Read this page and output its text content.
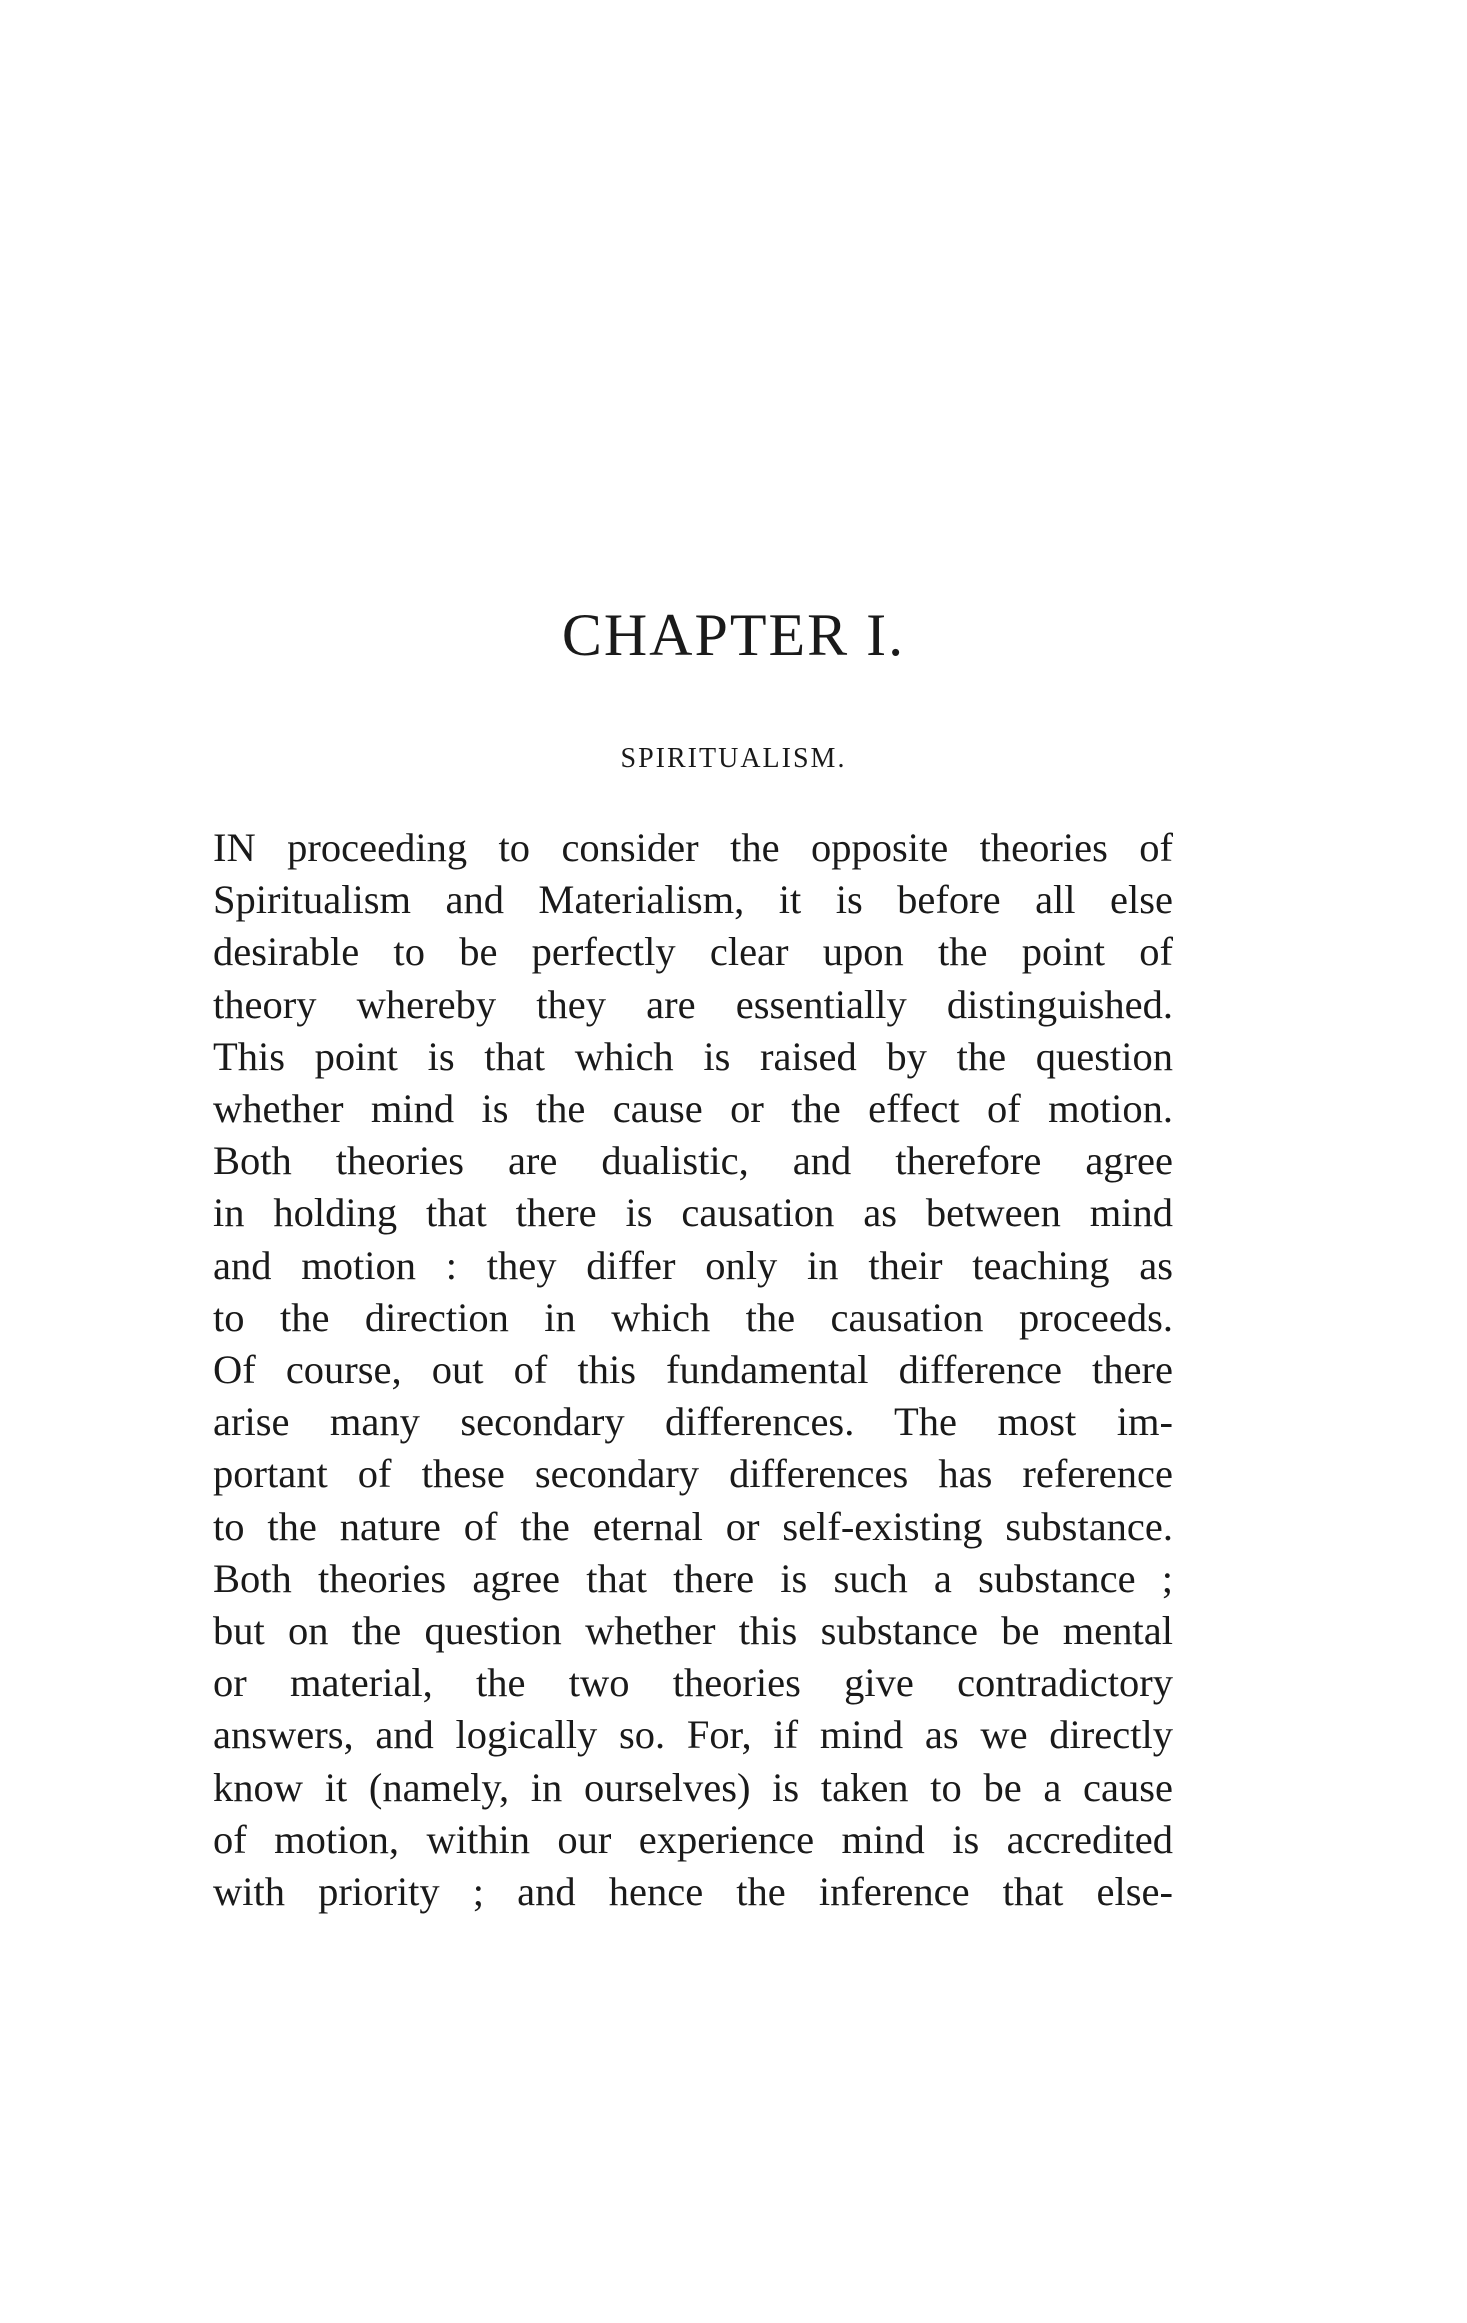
CHAPTER I.
SPIRITUALISM.
IN proceeding to consider the opposite theories of
Spiritualism and Materialism, it is before all else
desirable to be perfectly clear upon the point of
theory whereby they are essentially distinguished.
This point is that which is raised by the question
whether mind is the cause or the effect of motion.
Both theories are dualistic, and therefore agree
in holding that there is causation as between mind
and motion : they differ only in their teaching as
to the direction in which the causation proceeds.
Of course, out of this fundamental difference there
arise many secondary differences. The most im-
portant of these secondary differences has reference
to the nature of the eternal or self-existing substance.
Both theories agree that there is such a substance ;
but on the question whether this substance be mental
or material, the two theories give contradictory
answers, and logically so. For, if mind as we directly
know it (namely, in ourselves) is taken to be a cause
of motion, within our experience mind is accredited
with priority ; and hence the inference that else-
